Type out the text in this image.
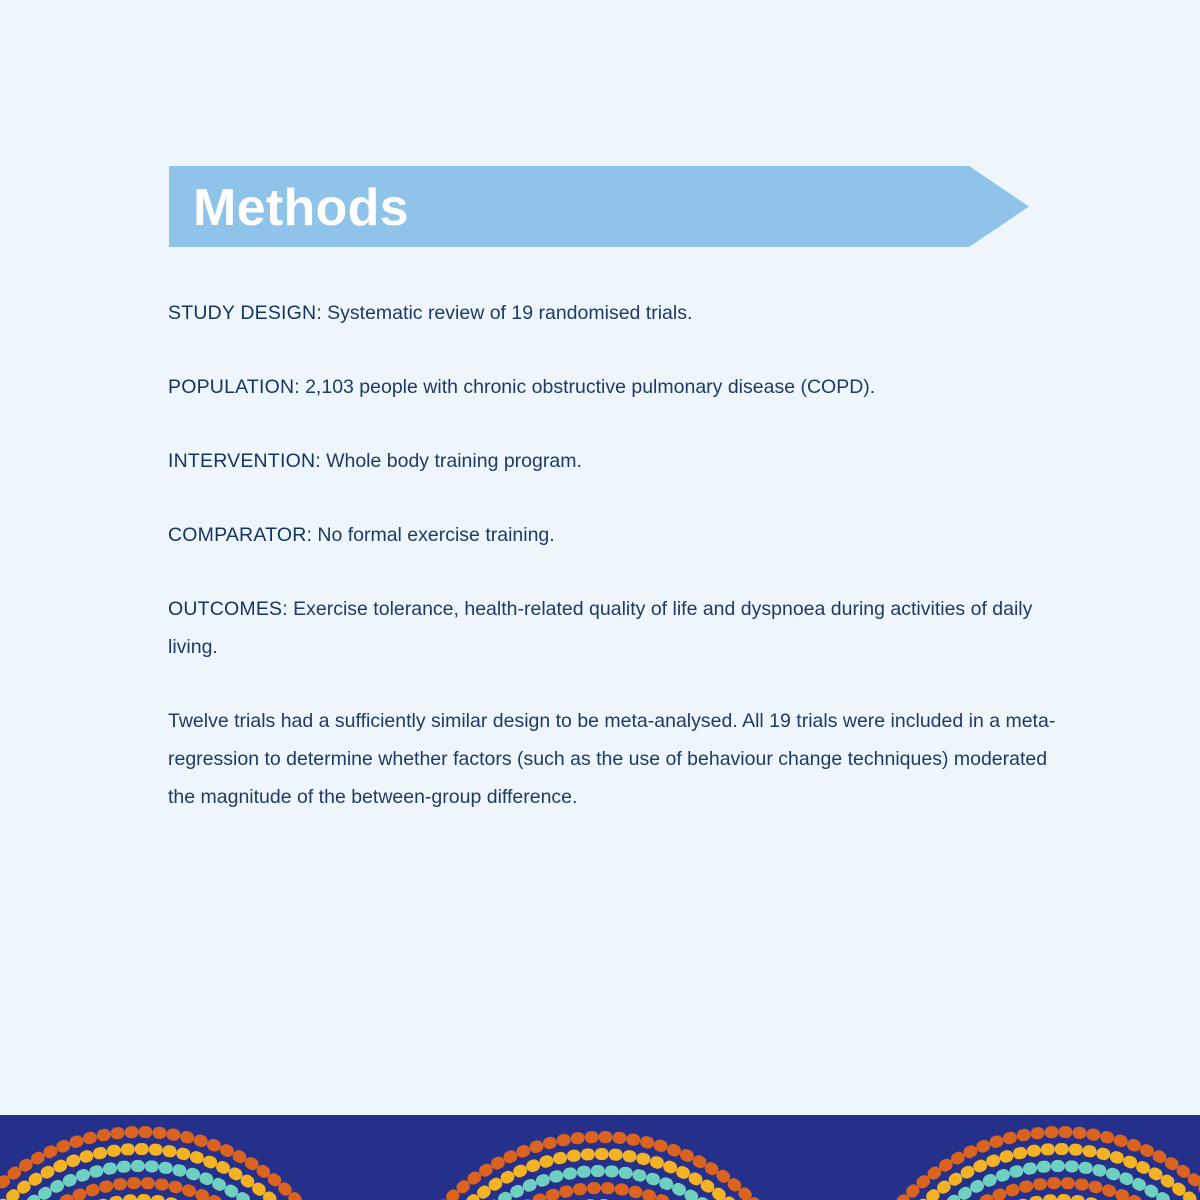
Methods

STUDY DESIGN: Systematic review of 19 randomised trials.

POPULATION: 2,103 people with chronic obstructive pulmonary disease (COPD).

INTERVENTION: Whole body training program.

COMPARATOR: No formal exercise training.

OUTCOMES: Exercise tolerance, health-related quality of life and dyspnoea during activities of daily living.

Twelve trials had a sufficiently similar design to be meta-analysed. All 19 trials were included in a meta-regression to determine whether factors (such as the use of behaviour change techniques) moderated the magnitude of the between-group difference.
